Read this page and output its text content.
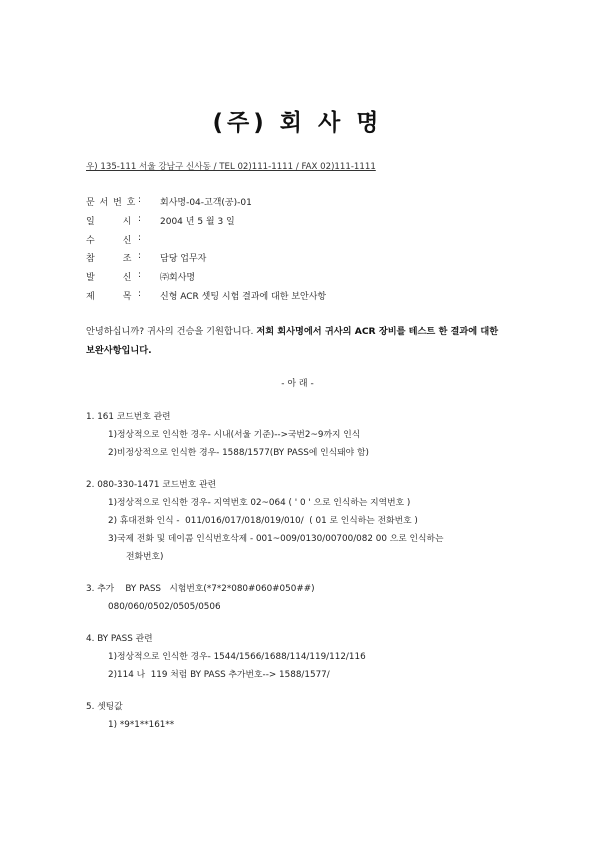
(주) 회 사 명
우) 135-111 서울 강남구 신사동 / TEL 02)111-1111 / FAX 02)111-1111
문 서 번 호 :	회사명-04-고객(공)-01
일       시 :	2004 년 5 월 3 일
수       신 :
참       조 :	담당 업무자
발       신 :	㈜회사명
제       목 :	신형 ACR 셋팅 시험 결과에 대한 보안사항
안녕하십니까? 귀사의 건승을 기원합니다. 저희 회사명에서 귀사의 ACR 장비를 테스트 한 결과에 대한 보완사항입니다.
- 아 래 -
1. 161 코드번호 관련
1)정상적으로 인식한 경우- 시내(서울 기준)-->국번2~9까지 인식
2)비정상적으로 인식한 경우- 1588/1577(BY PASS에 인식돼야 함)
2. 080-330-1471 코드번호 관련
1)정상적으로 인식한 경우- 지역번호 02~064 ( ' 0 ' 으로 인식하는 지역번호 )
2) 휴대전화 인식 -  011/016/017/018/019/010/  ( 01 로 인식하는 전화번호 )
3)국제 전화 및 데이콤 인식번호삭제 - 001~009/0130/00700/082 00 으로 인식하는
전화번호)
3. 추가    BY PASS   시험번호(*7*2*080#060#050##)
080/060/0502/0505/0506
4. BY PASS 관련
1)정상적으로 인식한 경우- 1544/1566/1688/114/119/112/116
2)114 나  119 처럼 BY PASS 추가번호--> 1588/1577/
5. 셋팅값
1) *9*1**161**
